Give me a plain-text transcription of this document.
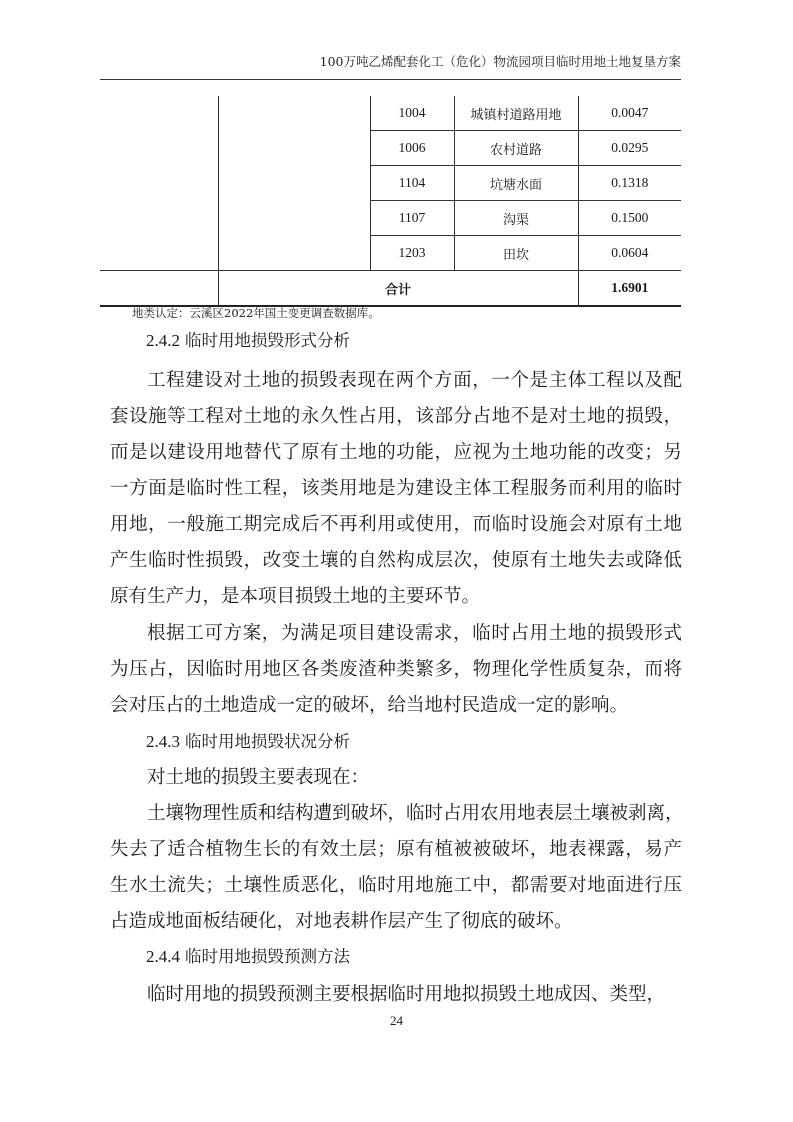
100万吨乙烯配套化工（危化）物流园项目临时用地土地复垦方案
		1004	城镇村道路用地	0.0047
		1006	农村道路	0.0295
		1104	坑塘水面	0.1318
		1107	沟渠	0.1500
		1203	田坎	0.0604
	合计			1.6901
地类认定：云溪区2022年国土变更调查数据库。
2.4.2 临时用地损毁形式分析
工程建设对土地的损毁表现在两个方面，一个是主体工程以及配
套设施等工程对土地的永久性占用，该部分占地不是对土地的损毁，
而是以建设用地替代了原有土地的功能，应视为土地功能的改变；另
一方面是临时性工程，该类用地是为建设主体工程服务而利用的临时
用地，一般施工期完成后不再利用或使用，而临时设施会对原有土地
产生临时性损毁，改变土壤的自然构成层次，使原有土地失去或降低
原有生产力，是本项目损毁土地的主要环节。
根据工可方案，为满足项目建设需求，临时占用土地的损毁形式
为压占，因临时用地区各类废渣种类繁多，物理化学性质复杂，而将
会对压占的土地造成一定的破坏，给当地村民造成一定的影响。
2.4.3 临时用地损毁状况分析
对土地的损毁主要表现在：
土壤物理性质和结构遭到破坏，临时占用农用地表层土壤被剥离，
失去了适合植物生长的有效土层；原有植被被破坏，地表裸露，易产
生水土流失；土壤性质恶化，临时用地施工中，都需要对地面进行压
占造成地面板结硬化，对地表耕作层产生了彻底的破坏。
2.4.4 临时用地损毁预测方法
临时用地的损毁预测主要根据临时用地拟损毁土地成因、类型，
24
